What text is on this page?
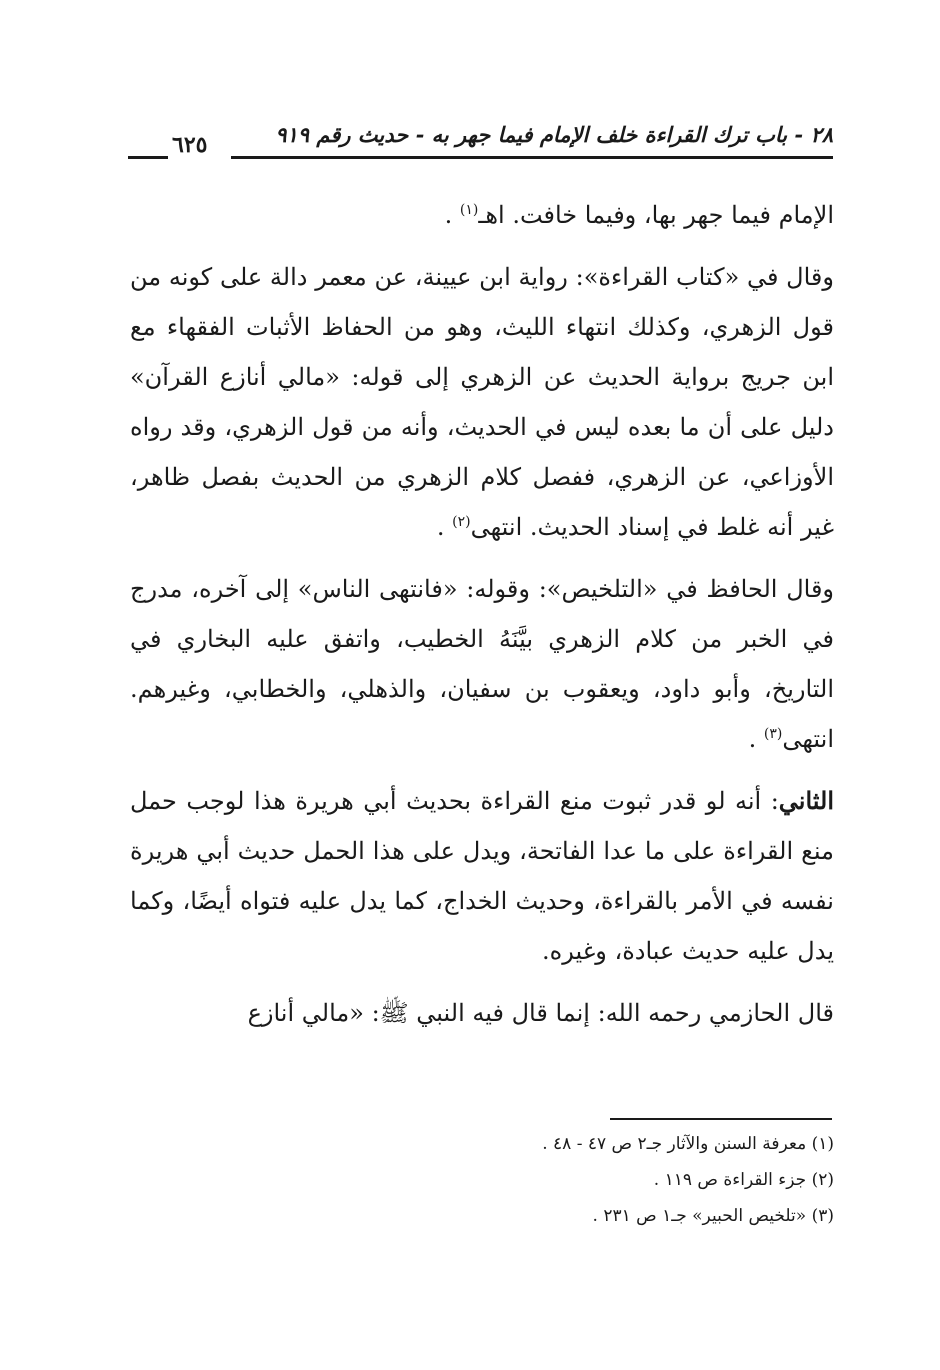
٢٨ - باب ترك القراءة خلف الإمام فيما جهر به - حديث رقم ٩١٩
٦٢٥

الإمام فيما جهر بها، وفيما خافت. اهـ$^{(١)}$ .

وقال في «كتاب القراءة»: رواية ابن عيينة، عن معمر دالة على كونه من قول الزهري، وكذلك انتهاء الليث، وهو من الحفاظ الأثبات الفقهاء مع ابن جريج برواية الحديث عن الزهري إلى قوله: «مالي أنازع القرآن» دليل على أن ما بعده ليس في الحديث، وأنه من قول الزهري، وقد رواه الأوزاعي، عن الزهري، ففصل كلام الزهري من الحديث بفصل ظاهر، غير أنه غلط في إسناد الحديث. انتهى$^{(٢)}$ .

وقال الحافظ في «التلخيص»: وقوله: «فانتهى الناس» إلى آخره، مدرج في الخبر من كلام الزهري بيَّنَهُ الخطيب، واتفق عليه البخاري في التاريخ، وأبو داود، ويعقوب بن سفيان، والذهلي، والخطابي، وغيرهم. انتهى$^{(٣)}$ .

الثاني: أنه لو قدر ثبوت منع القراءة بحديث أبي هريرة هذا لوجب حمل منع القراءة على ما عدا الفاتحة، ويدل على هذا الحمل حديث أبي هريرة نفسه في الأمر بالقراءة، وحديث الخداج، كما يدل عليه فتواه أيضًا، وكما يدل عليه حديث عبادة، وغيره.

قال الحازمي رحمه الله: إنما قال فيه النبي ﷺ: «مالي أنازع

(١) معرفة السنن والآثار جـ٢ ص ٤٧ - ٤٨ .

(٢) جزء القراءة ص ١١٩ .

(٣) «تلخيص الحبير» جـ١ ص ٢٣١ .
